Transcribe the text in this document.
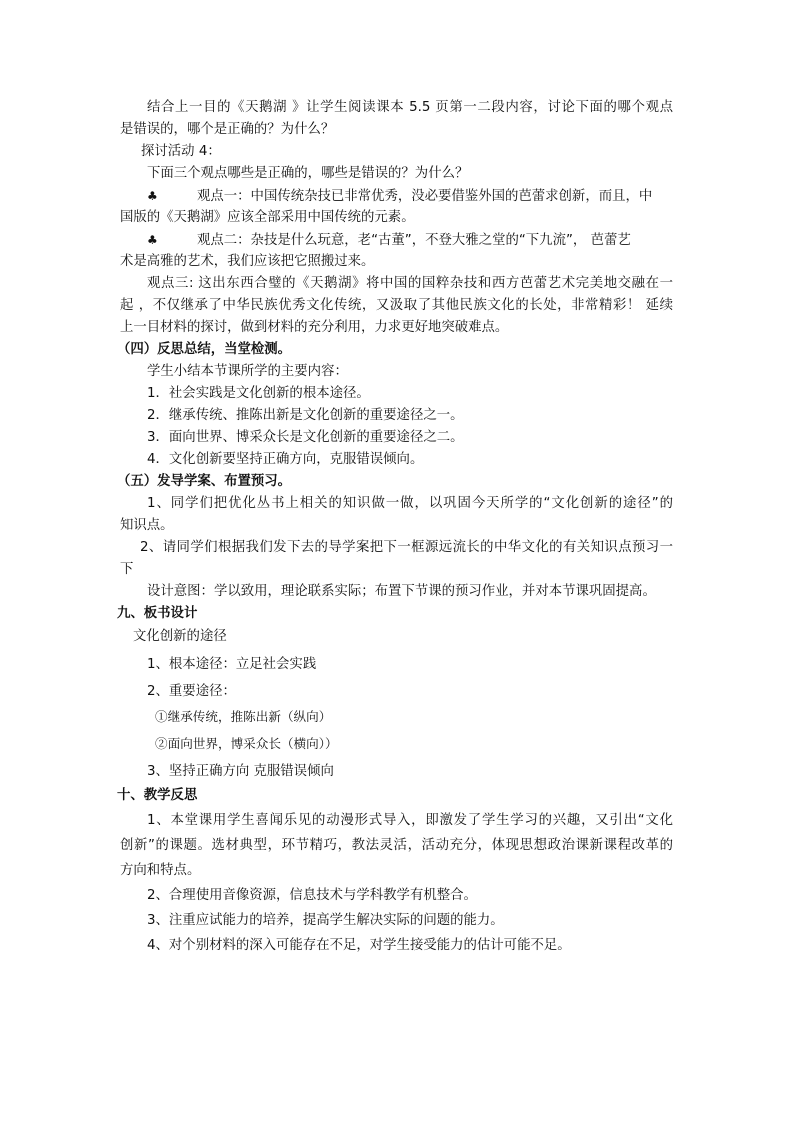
结合上一目的《天鹅湖 》让学生阅读课本 5.5 页第一二段内容，讨论下面的哪个观点
是错误的，哪个是正确的？为什么？
探讨活动 4：
下面三个观点哪些是正确的，哪些是错误的？为什么？
♣	观点一：中国传统杂技已非常优秀，没必要借鉴外国的芭蕾求创新，而且，中
国版的《天鹅湖》应该全部采用中国传统的元素。
♣	观点二：杂技是什么玩意，老“古董”，不登大雅之堂的“下九流”， 芭蕾艺
术是高雅的艺术，我们应该把它照搬过来。
观点三: 这出东西合璧的《天鹅湖》将中国的国粹杂技和西方芭蕾艺术完美地交融在一
起 ，不仅继承了中华民族优秀文化传统，又汲取了其他民族文化的长处，非常精彩！ 延续
上一目材料的探讨，做到材料的充分利用，力求更好地突破难点。
（四）反思总结，当堂检测。
学生小结本节课所学的主要内容：
1．社会实践是文化创新的根本途径。
2．继承传统、推陈出新是文化创新的重要途径之一。
3．面向世界、博采众长是文化创新的重要途径之二。
4．文化创新要坚持正确方向，克服错误倾向。
（五）发导学案、布置预习。
1、同学们把优化丛书上相关的知识做一做，以巩固今天所学的“文化创新的途径”的
知识点。
2、请同学们根据我们发下去的导学案把下一框源远流长的中华文化的有关知识点预习一
下
设计意图：学以致用，理论联系实际；布置下节课的预习作业，并对本节课巩固提高。
九、板书设计
文化创新的途径
1、根本途径：立足社会实践
2、重要途径：
①继承传统，推陈出新（纵向）
②面向世界，博采众长（横向））
3、坚持正确方向 克服错误倾向
十、教学反思
1、本堂课用学生喜闻乐见的动漫形式导入，即激发了学生学习的兴趣，又引出“文化
创新”的课题。选材典型，环节精巧，教法灵活，活动充分，体现思想政治课新课程改革的
方向和特点。
2、合理使用音像资源，信息技术与学科教学有机整合。
3、注重应试能力的培养，提高学生解决实际的问题的能力。
4、对个别材料的深入可能存在不足，对学生接受能力的估计可能不足。
